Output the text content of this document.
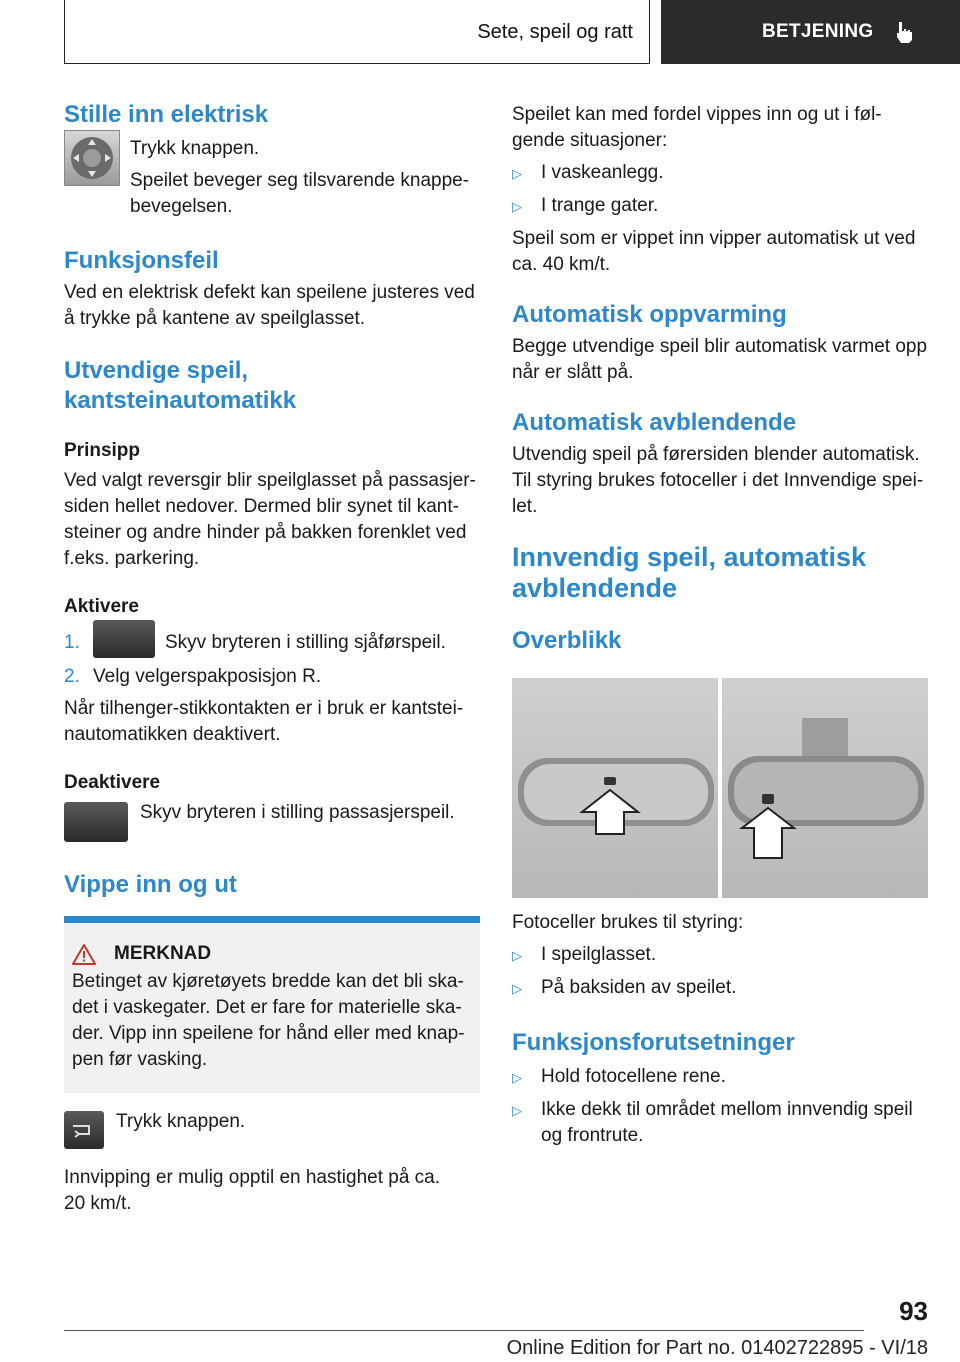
Sete, speil og ratt	BETJENING
Stille inn elektrisk

Trykk knappen.

Speilet beveger seg tilsvarende knappe-bevegelsen.

Funksjonsfeil

Ved en elektrisk defekt kan speilene justeres ved å trykke på kantene av speilglasset.

Utvendige speil,
kantsteinautomatikk
Prinsipp

Ved valgt reversgir blir speilglasset på passasjer-siden hellet nedover. Dermed blir synet til kant-steiner og andre hinder på bakken forenklet ved f.eks. parkering.

Aktivere
1.	Skyv bryteren i stilling sjåførspeil.
2. Velg velgerspakposisjon R.

Når tilhenger-stikkontakten er i bruk er kantstei-nautomatikken deaktivert.

Deaktivere

Skyv bryteren i stilling passasjerspeil.

Vippe inn og ut
MERKNAD

Betinget av kjøretøyets bredde kan det bli ska-det i vaskegater. Det er fare for materielle ska-der. Vipp inn speilene for hånd eller med knap-pen før vasking.

Trykk knappen.

Innvipping er mulig opptil en hastighet på ca. 20 km/t.

Speilet kan med fordel vippes inn og ut i føl-gende situasjoner:

▷	I vaskeanlegg.
▷	I trange gater.

Speil som er vippet inn vipper automatisk ut ved ca. 40 km/t.

Automatisk oppvarming

Begge utvendige speil blir automatisk varmet opp når er slått på.

Automatisk avblendende

Utvendig speil på førersiden blender automatisk. Til styring brukes fotoceller i det Innvendige spei-let.

Innvendig speil, automatisk
avblendende
Overblikk

Fotoceller brukes til styring:

▷	I speilglasset.
▷	På baksiden av speilet.
Funksjonsforutsetninger
▷	Hold fotocellene rene.
▷	Ikke dekk til området mellom innvendig speil og frontrute.
93
Online Edition for Part no. 01402722895 - VI/18
